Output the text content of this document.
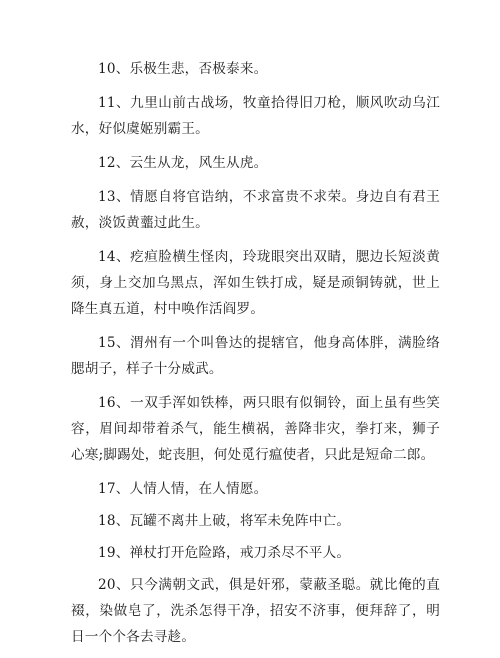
10、乐极生悲，否极泰来。

11、九里山前古战场，牧童拾得旧刀枪，顺风吹动乌江水，好似虞姬别霸王。

12、云生从龙，风生从虎。

13、情愿自将官诰纳，不求富贵不求荣。身边自有君王赦，淡饭黄虀过此生。

14、疙疸脸横生怪肉，玲珑眼突出双睛，腮边长短淡黄须，身上交加乌黑点，浑如生铁打成，疑是顽铜铸就，世上降生真五道，村中唤作活阎罗。

15、渭州有一个叫鲁达的提辖官，他身高体胖，满脸络腮胡子，样子十分威武。

16、一双手浑如铁棒，两只眼有似铜铃，面上虽有些笑容，眉间却带着杀气，能生横祸，善降非灾，拳打来，狮子心寒;脚踢处，蛇丧胆，何处觅行瘟使者，只此是短命二郎。

17、人情人情，在人情愿。

18、瓦罐不离井上破，将军未免阵中亡。

19、禅杖打开危险路，戒刀杀尽不平人。

20、只今满朝文武，俱是奸邪，蒙蔽圣聪。就比俺的直裰，染做皂了，洗杀怎得干净，招安不济事，便拜辞了，明日一个个各去寻趁。
